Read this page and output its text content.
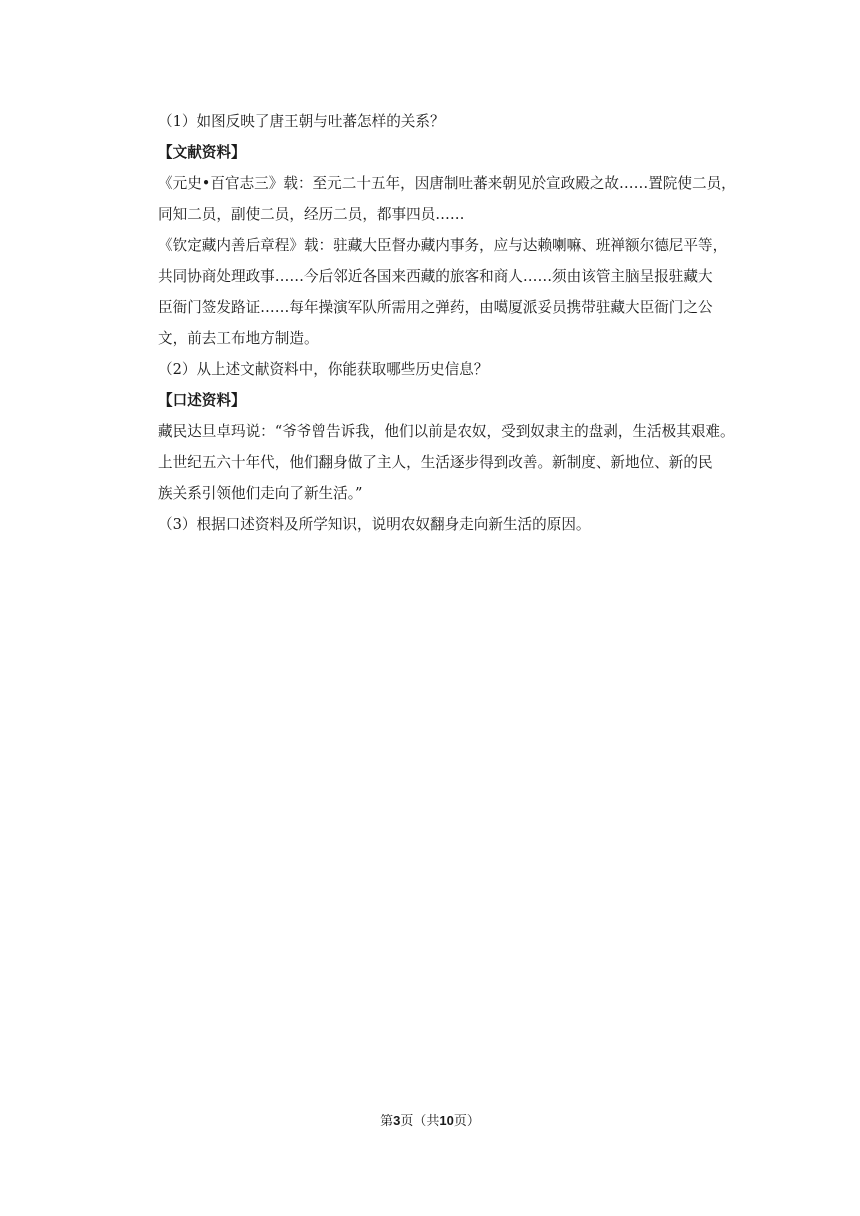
（1）如图反映了唐王朝与吐蕃怎样的关系？
【文献资料】
《元史•百官志三》载：至元二十五年，因唐制吐蕃来朝见於宣政殿之故……置院使二员，
同知二员，副使二员，经历二员，都事四员……
《钦定藏内善后章程》载：驻藏大臣督办藏内事务，应与达赖喇嘛、班禅额尔德尼平等，
共同协商处理政事……今后邻近各国来西藏的旅客和商人……须由该管主脑呈报驻藏大
臣衙门签发路证……每年操演军队所需用之弹药，由噶厦派妥员携带驻藏大臣衙门之公
文，前去工布地方制造。
（2）从上述文献资料中，你能获取哪些历史信息？
【口述资料】
藏民达旦卓玛说：“爷爷曾告诉我，他们以前是农奴，受到奴隶主的盘剥，生活极其艰难。
上世纪五六十年代，他们翻身做了主人，生活逐步得到改善。新制度、新地位、新的民
族关系引领他们走向了新生活。”
（3）根据口述资料及所学知识，说明农奴翻身走向新生活的原因。
第3页（共10页）
